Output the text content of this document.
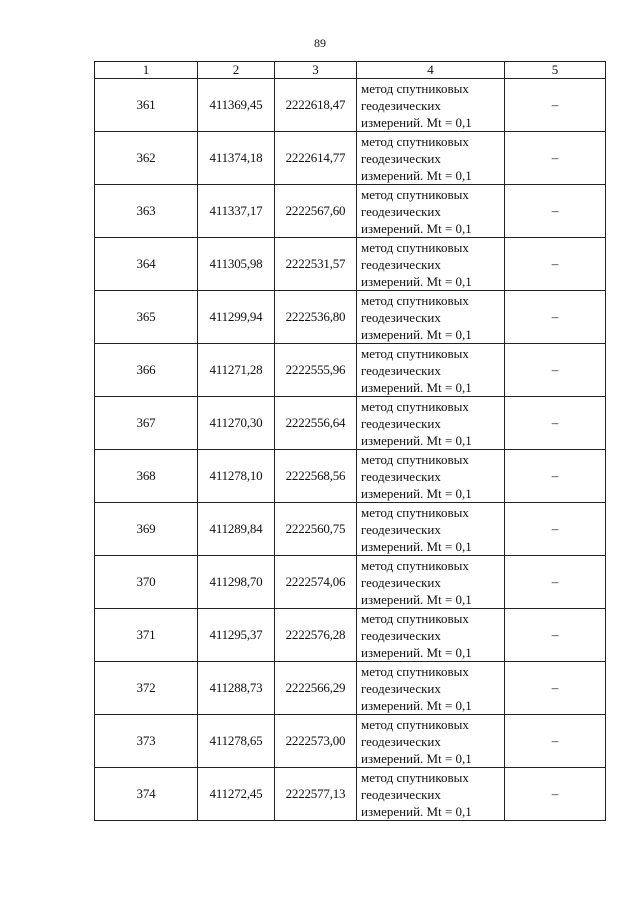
89
1	2	3	4	5
361	411369,45	2222618,47	метод спутниковых
геодезических
измерений. Mt = 0,1	–
362	411374,18	2222614,77	метод спутниковых
геодезических
измерений. Mt = 0,1	–
363	411337,17	2222567,60	метод спутниковых
геодезических
измерений. Mt = 0,1	–
364	411305,98	2222531,57	метод спутниковых
геодезических
измерений. Mt = 0,1	–
365	411299,94	2222536,80	метод спутниковых
геодезических
измерений. Mt = 0,1	–
366	411271,28	2222555,96	метод спутниковых
геодезических
измерений. Mt = 0,1	–
367	411270,30	2222556,64	метод спутниковых
геодезических
измерений. Mt = 0,1	–
368	411278,10	2222568,56	метод спутниковых
геодезических
измерений. Mt = 0,1	–
369	411289,84	2222560,75	метод спутниковых
геодезических
измерений. Mt = 0,1	–
370	411298,70	2222574,06	метод спутниковых
геодезических
измерений. Mt = 0,1	–
371	411295,37	2222576,28	метод спутниковых
геодезических
измерений. Mt = 0,1	–
372	411288,73	2222566,29	метод спутниковых
геодезических
измерений. Mt = 0,1	–
373	411278,65	2222573,00	метод спутниковых
геодезических
измерений. Mt = 0,1	–
374	411272,45	2222577,13	метод спутниковых
геодезических
измерений. Mt = 0,1	–
